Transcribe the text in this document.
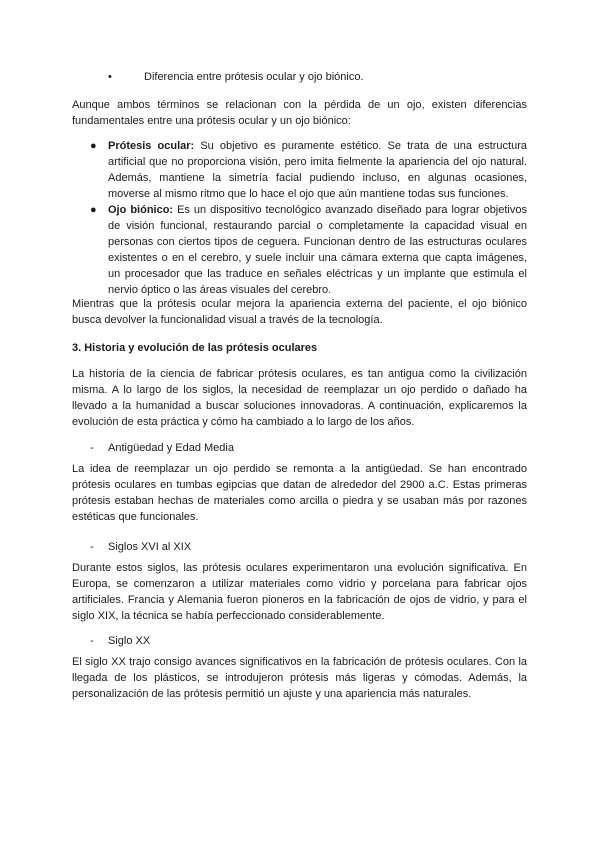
•	Diferencia entre prótesis ocular y ojo biónico.

Aunque ambos términos se relacionan con la pérdida de un ojo, existen diferencias fundamentales entre una prótesis ocular y un ojo biónico:

● Prótesis ocular: Su objetivo es puramente estético. Se trata de una estructura artificial que no proporciona visión, pero imita fielmente la apariencia del ojo natural. Además, mantiene la simetría facial pudiendo incluso, en algunas ocasiones, moverse al mismo ritmo que lo hace el ojo que aún mantiene todas sus funciones.

● Ojo biónico: Es un dispositivo tecnológico avanzado diseñado para lograr objetivos de visión funcional, restaurando parcial o completamente la capacidad visual en personas con ciertos tipos de ceguera. Funcionan dentro de las estructuras oculares existentes o en el cerebro, y suele incluir una cámara externa que capta imágenes, un procesador que las traduce en señales eléctricas y un implante que estimula el nervio óptico o las áreas visuales del cerebro.

Mientras que la prótesis ocular mejora la apariencia externa del paciente, el ojo biónico busca devolver la funcionalidad visual a través de la tecnología.

3. Historia y evolución de las prótesis oculares

La historia de la ciencia de fabricar prótesis oculares, es tan antigua como la civilización misma. A lo largo de los siglos, la necesidad de reemplazar un ojo perdido o dañado ha llevado a la humanidad a buscar soluciones innovadoras. A continuación, explicaremos la evolución de esta práctica y cómo ha cambiado a lo largo de los años.

- Antigüedad y Edad Media

La idea de reemplazar un ojo perdido se remonta a la antigüedad. Se han encontrado prótesis oculares en tumbas egipcias que datan de alrededor del 2900 a.C. Estas primeras prótesis estaban hechas de materiales como arcilla o piedra y se usaban más por razones estéticas que funcionales.

- Siglos XVI al XIX

Durante estos siglos, las prótesis oculares experimentaron una evolución significativa. En Europa, se comenzaron a utilizar materiales como vidrio y porcelana para fabricar ojos artificiales. Francia y Alemania fueron pioneros en la fabricación de ojos de vidrio, y para el siglo XIX, la técnica se había perfeccionado considerablemente.

- Siglo XX

El siglo XX trajo consigo avances significativos en la fabricación de prótesis oculares. Con la llegada de los plásticos, se introdujeron prótesis más ligeras y cómodas. Además, la personalización de las prótesis permitió un ajuste y una apariencia más naturales.
